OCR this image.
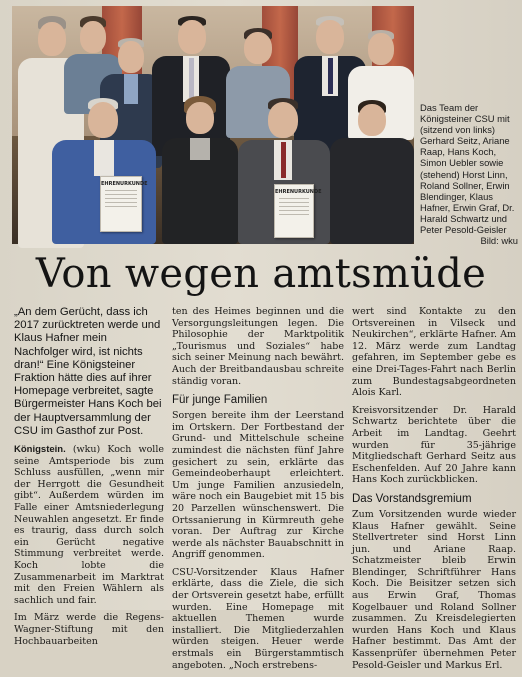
EHRENURKUNDE
EHRENURKUNDE
Das Team der Königsteiner CSU mit (sitzend von links) Gerhard Seitz, Ariane Raap, Hans Koch, Simon Uebler sowie (stehend) Horst Linn, Roland Sollner, Erwin Blendinger, Klaus Hafner, Erwin Graf, Dr. Harald Schwartz und Peter Pesold-Geisler
Bild: wku
Von wegen amtsmüde

„An dem Gerücht, dass ich 2017 zurücktreten werde und Klaus Hafner mein Nachfolger wird, ist nichts dran!“ Eine Königsteiner Fraktion hätte dies auf ihrer Homepage verbreitet, sagte Bürgermeister Hans Koch bei der Hauptversammlung der CSU im Gasthof zur Post.

Königstein. (wku) Koch wolle seine Amtsperiode bis zum Schluss ausfüllen, „wenn mir der Herrgott die Gesundheit gibt“. Außerdem würden im Falle einer Amtsniederlegung Neuwahlen angesetzt. Er finde es traurig, dass durch solch ein Gerücht negative Stimmung verbreitet werde. Koch lobte die Zusammenarbeit im Marktrat mit den Freien Wählern als sachlich und fair.

Im März werde die Regens-Wagner-Stiftung mit den Hochbauarbeiten

ten des Heimes beginnen und die Versorgungsleitungen legen. Die Philosophie der Marktpolitik „Tourismus und Soziales“ habe sich seiner Meinung nach bewährt. Auch der Breitbandausbau schreite ständig voran.

Für junge Familien

Sorgen bereite ihm der Leerstand im Ortskern. Der Fortbestand der Grund- und Mittelschule scheine zumindest die nächsten fünf Jahre gesichert zu sein, erklärte das Gemeindeoberhaupt erleichtert. Um junge Familien anzusiedeln, wäre noch ein Baugebiet mit 15 bis 20 Parzellen wünschenswert. Die Ortssanierung in Kürmreuth gehe voran. Der Auftrag zur Kirche werde als nächster Bauabschnitt in Angriff genommen.

CSU-Vorsitzender Klaus Hafner erklärte, dass die Ziele, die sich der Ortsverein gesetzt habe, erfüllt wurden. Eine Homepage mit aktuellen Themen wurde installiert. Die Mitgliederzahlen würden steigen. Heuer werde erstmals ein Bürgerstammtisch angeboten. „Noch erstrebens-

wert sind Kontakte zu den Ortsvereinen in Vilseck und Neukirchen“, erklärte Hafner. Am 12. März werde zum Landtag gefahren, im September gebe es eine Drei-Tages-Fahrt nach Berlin zum Bundestagsabgeordneten Alois Karl.

Kreisvorsitzender Dr. Harald Schwartz berichtete über die Arbeit im Landtag. Geehrt wurden für 35-jährige Mitgliedschaft Gerhard Seitz aus Eschenfelden. Auf 20 Jahre kann Hans Koch zurückblicken.

Das Vorstandsgremium

Zum Vorsitzenden wurde wieder Klaus Hafner gewählt. Seine Stellvertreter sind Horst Linn jun. und Ariane Raap. Schatzmeister bleib Erwin Blendinger, Schriftführer Hans Koch. Die Beisitzer setzen sich aus Erwin Graf, Thomas Kogelbauer und Roland Sollner zusammen. Zu Kreisdelegierten wurden Hans Koch und Klaus Hafner bestimmt. Das Amt der Kassenprüfer übernehmen Peter Pesold-Geisler und Markus Erl.
